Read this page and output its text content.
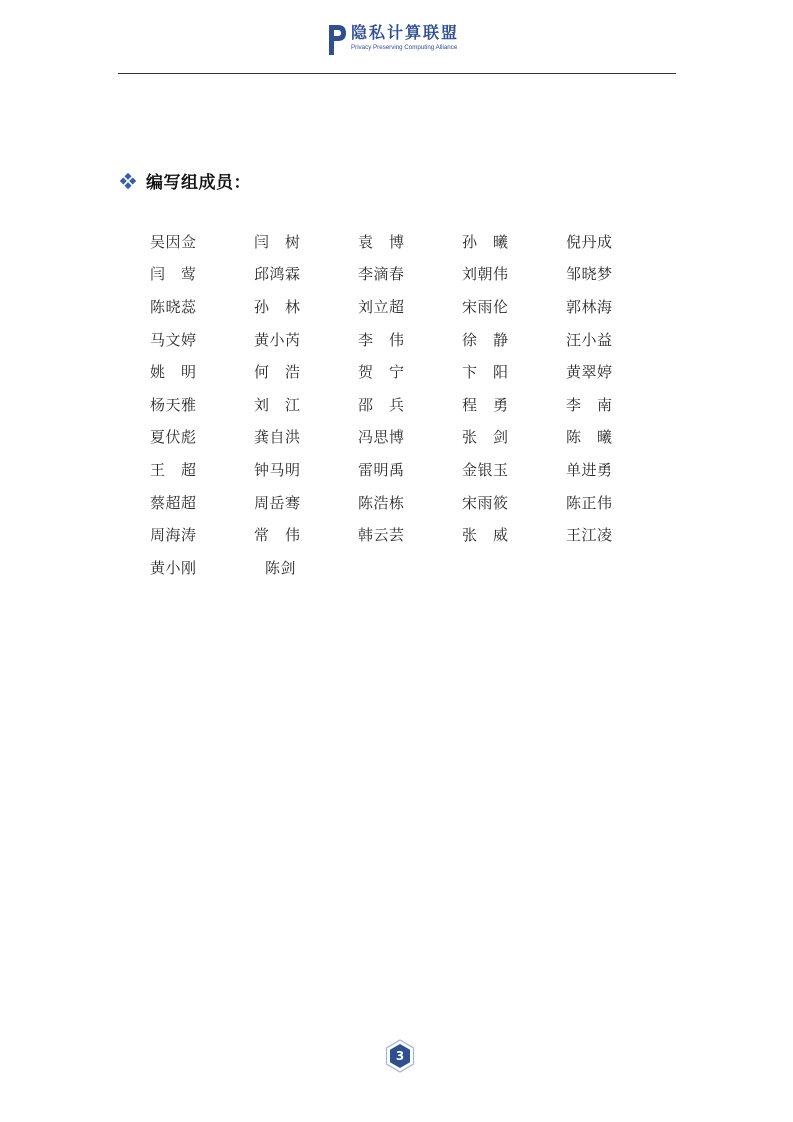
隐私计算联盟
Privacy Preserving Computing Alliance
编写组成员：
吴因佥	闫　树	袁　博	孙　曦	倪丹成
闫　莺	邱鸿霖	李滴春	刘朝伟	邹晓梦
陈晓蕊	孙　林	刘立超	宋雨伦	郭林海
马文婷	黄小芮	李　伟	徐　静	汪小益
姚　明	何　浩	贺　宁	卞　阳	黄翠婷
杨天雅	刘　江	邵　兵	程　勇	李　南
夏伏彪	龚自洪	冯思博	张　剑	陈　曦
王　超	钟马明	雷明禹	金银玉	单进勇
蔡超超	周岳骞	陈浩栋	宋雨筱	陈正伟
周海涛	常　伟	韩云芸	张　威	王江凌
黄小刚	陈剑
3
